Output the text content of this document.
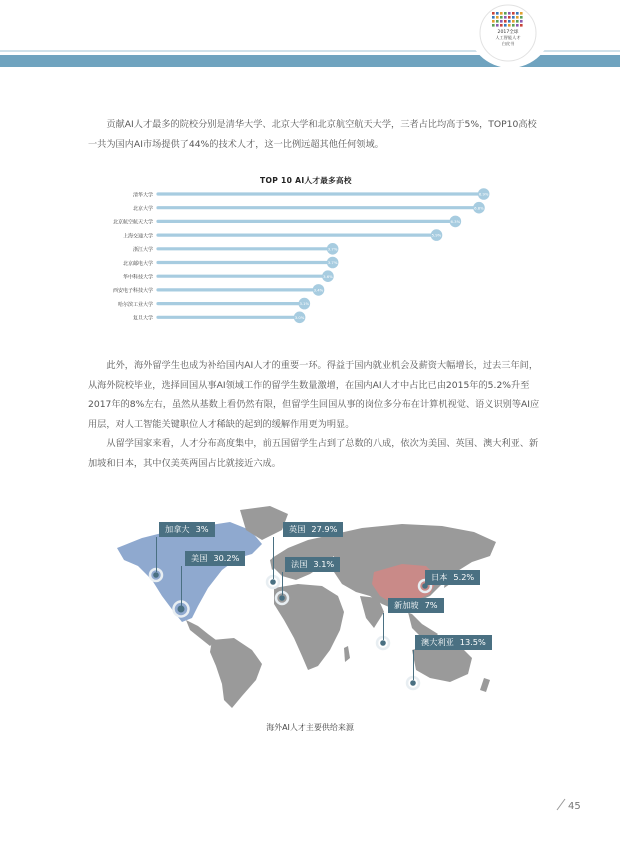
2017全球
人工智能人才
白皮书

贡献AI人才最多的院校分别是清华大学、北京大学和北京航空航天大学，三者占比均高于5%，TOP10高校一共为国内AI市场提供了44%的技术人才，这一比例远超其他任何领域。

TOP 10 AI人才最多高校
清华大学	6.9%
北京大学	6.8%
北京航空航天大学	6.3%
上海交通大学	5.9%
浙江大学	3.7%
北京邮电大学	3.7%
华中科技大学	3.6%
西安电子科技大学	3.4%
哈尔滨工业大学	3.1%
复旦大学	3.0%

此外，海外留学生也成为补给国内AI人才的重要一环。得益于国内就业机会及薪资大幅增长，过去三年间，从海外院校毕业，选择回国从事AI领域工作的留学生数量激增，在国内AI人才中占比已由2015年的5.2%升至2017年的8%左右，虽然从基数上看仍然有限，但留学生回国从事的岗位多分布在计算机视觉、语义识别等AI应用层，对人工智能关键职位人才稀缺的起到的缓解作用更为明显。

从留学国家来看，人才分布高度集中，前五国留学生占到了总数的八成，依次为美国、英国、澳大利亚、新加坡和日本，其中仅美英两国占比就接近六成。

加拿大 3%
美国 30.2%
英国 27.9%
法国 3.1%
日本 5.2%
新加坡 7%
澳大利亚 13.5%
海外AI人才主要供给来源
45
